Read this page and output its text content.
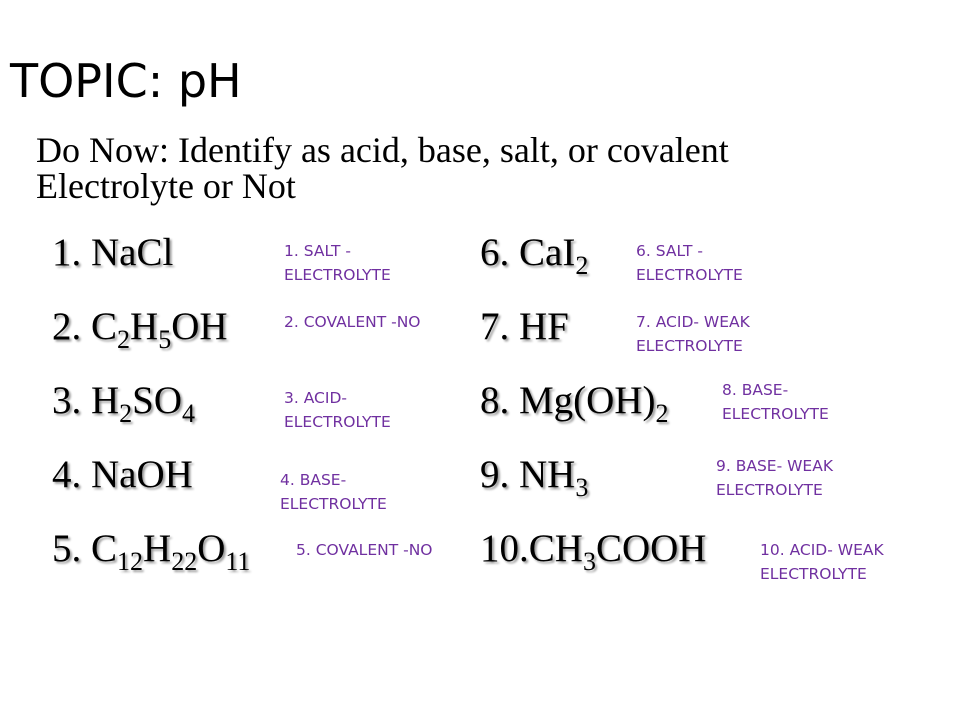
TOPIC: pH
Do Now: Identify as acid, base, salt, or covalent
Electrolyte or Not
1. NaCl
2. $C_2H_5OH$
3. $H_2SO_4$
4. NaOH
5. $C_{12}H_{22}O_{11}$
6. CaI$_2$
7. HF
8. $Mg(OH)_2$
9. $NH_3$
$10.CH_3COOH$
1. SALT - ELECTROLYTE
2. COVALENT -NO
3. ACID- ELECTROLYTE
4. BASE- ELECTROLYTE
5. COVALENT -NO
6. SALT - ELECTROLYTE
7. ACID- WEAK ELECTROLYTE
8. BASE- ELECTROLYTE
9. BASE- WEAK ELECTROLYTE
10. ACID- WEAK ELECTROLYTE
